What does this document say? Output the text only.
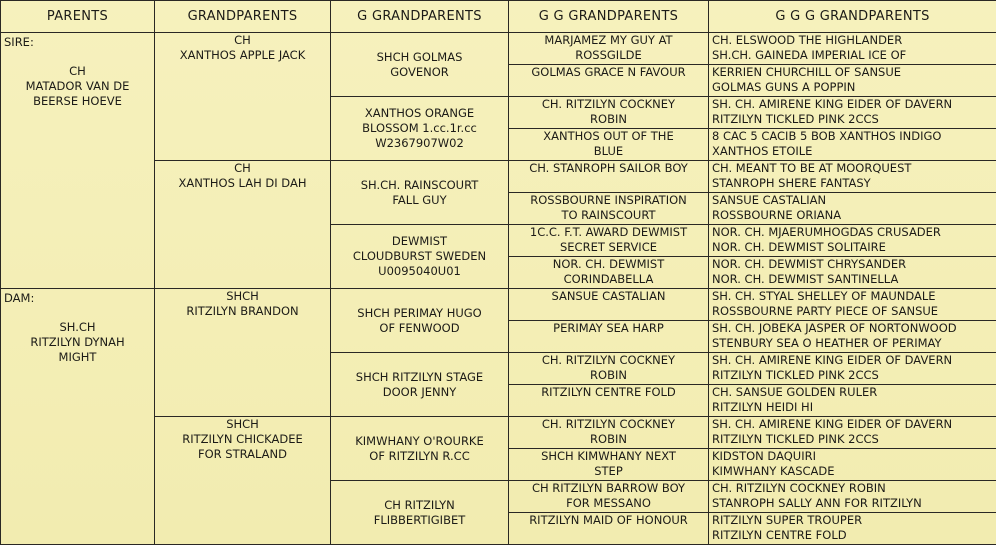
PARENTS	GRANDPARENTS	G GRANDPARENTS	G G GRANDPARENTS	G G G GRANDPARENTS

SIRE:
CH
MATADOR VAN DE
BEERSE HOEVE	CH
XANTHOS APPLE JACK	SHCH GOLMAS
GOVENOR	MARJAMEZ MY GUY AT
ROSSGILDE	CH. ELSWOOD THE HIGHLANDER
SH.CH. GAINEDA IMPERIAL ICE OF

			GOLMAS GRACE N FAVOUR	KERRIEN CHURCHILL OF SANSUE
GOLMAS GUNS A POPPIN

		XANTHOS ORANGE
BLOSSOM 1.cc.1r.cc
W2367907W02	CH. RITZILYN COCKNEY
ROBIN	SH. CH. AMIRENE KING EIDER OF DAVERN
RITZILYN TICKLED PINK 2CCS

			XANTHOS OUT OF THE
BLUE	8 CAC 5 CACIB 5 BOB XANTHOS INDIGO
XANTHOS ETOILE

	CH
XANTHOS LAH DI DAH	SH.CH. RAINSCOURT
FALL GUY	CH. STANROPH SAILOR BOY	CH. MEANT TO BE AT MOORQUEST
STANROPH SHERE FANTASY

			ROSSBOURNE INSPIRATION
TO RAINSCOURT	SANSUE CASTALIAN
ROSSBOURNE ORIANA

		DEWMIST
CLOUDBURST SWEDEN
U0095040U01	1C.C. F.T. AWARD DEWMIST
SECRET SERVICE	NOR. CH. MJAERUMHOGDAS CRUSADER
NOR. CH. DEWMIST SOLITAIRE

			NOR. CH. DEWMIST
CORINDABELLA	NOR. CH. DEWMIST CHRYSANDER
NOR. CH. DEWMIST SANTINELLA

DAM:
SH.CH
RITZILYN DYNAH
MIGHT	SHCH
RITZILYN BRANDON	SHCH PERIMAY HUGO
OF FENWOOD	SANSUE CASTALIAN	SH. CH. STYAL SHELLEY OF MAUNDALE
ROSSBOURNE PARTY PIECE OF SANSUE

			PERIMAY SEA HARP	SH. CH. JOBEKA JASPER OF NORTONWOOD
STENBURY SEA O HEATHER OF PERIMAY

		SHCH RITZILYN STAGE
DOOR JENNY	CH. RITZILYN COCKNEY
ROBIN	SH. CH. AMIRENE KING EIDER OF DAVERN
RITZILYN TICKLED PINK 2CCS

			RITZILYN CENTRE FOLD	CH. SANSUE GOLDEN RULER
RITZILYN HEIDI HI

	SHCH
RITZILYN CHICKADEE
FOR STRALAND	KIMWHANY O'ROURKE
OF RITZILYN R.CC	CH. RITZILYN COCKNEY
ROBIN	SH. CH. AMIRENE KING EIDER OF DAVERN
RITZILYN TICKLED PINK 2CCS

			SHCH KIMWHANY NEXT
STEP	KIDSTON DAQUIRI
KIMWHANY KASCADE

		CH RITZILYN
FLIBBERTIGIBET	CH RITZILYN BARROW BOY
FOR MESSANO	CH. RITZILYN COCKNEY ROBIN
STANROPH SALLY ANN FOR RITZILYN

			RITZILYN MAID OF HONOUR	RITZILYN SUPER TROUPER
RITZILYN CENTRE FOLD
